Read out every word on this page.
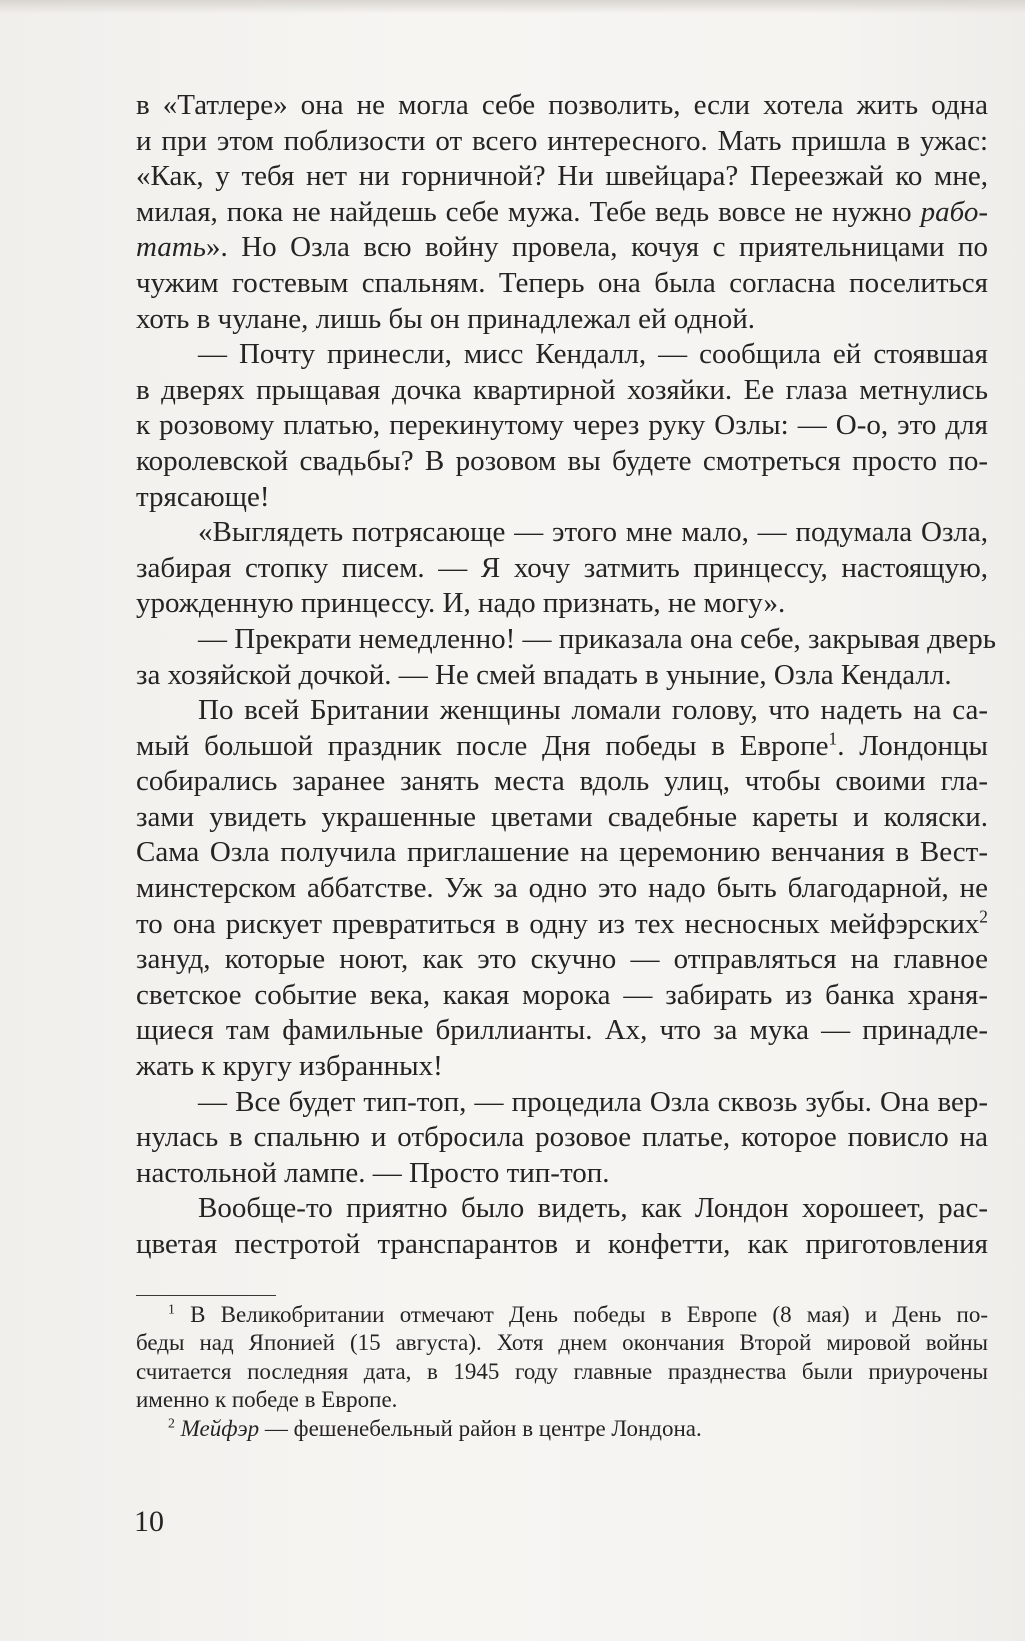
в «Татлере» она не могла себе позволить, если хотела жить одна
и при этом поблизости от всего интересного. Мать пришла в ужас:
«Как, у тебя нет ни горничной? Ни швейцара? Переезжай ко мне,
милая, пока не найдешь себе мужа. Тебе ведь вовсе не нужно рабо-
тать». Но Озла всю войну провела, кочуя с приятельницами по
чужим гостевым спальням. Теперь она была согласна поселиться
хоть в чулане, лишь бы он принадлежал ей одной.

— Почту принесли, мисс Кендалл, — сообщила ей стоявшая
в дверях прыщавая дочка квартирной хозяйки. Ее глаза метнулись
к розовому платью, перекинутому через руку Озлы: — О-о, это для
королевской свадьбы? В розовом вы будете смотреться просто по-
трясающе!

«Выглядеть потрясающе — этого мне мало, — подумала Озла,
забирая стопку писем. — Я хочу затмить принцессу, настоящую,
урожденную принцессу. И, надо признать, не могу».

— Прекрати немедленно! — приказала она себе, закрывая дверь
за хозяйской дочкой. — Не смей впадать в уныние, Озла Кендалл.

По всей Британии женщины ломали голову, что надеть на са-
мый большой праздник после Дня победы в Европе$^1$. Лондонцы
собирались заранее занять места вдоль улиц, чтобы своими гла-
зами увидеть украшенные цветами свадебные кареты и коляски.
Сама Озла получила приглашение на церемонию венчания в Вест-
минстерском аббатстве. Уж за одно это надо быть благодарной, не
то она рискует превратиться в одну из тех несносных мейфэрских$^2$
зануд, которые ноют, как это скучно — отправляться на главное
светское событие века, какая морока — забирать из банка храня-
щиеся там фамильные бриллианты. Ах, что за мука — принадле-
жать к кругу избранных!

— Все будет тип-топ, — процедила Озла сквозь зубы. Она вер-
нулась в спальню и отбросила розовое платье, которое повисло на
настольной лампе. — Просто тип-топ.

Вообще-то приятно было видеть, как Лондон хорошеет, рас-
цветая пестротой транспарантов и конфетти, как приготовления

$^1$ В Великобритании отмечают День победы в Европе (8 мая) и День по-
беды над Японией (15 августа). Хотя днем окончания Второй мировой войны
считается последняя дата, в 1945 году главные празднества были приурочены
именно к победе в Европе.

$^2$ Мейфэр — фешенебельный район в центре Лондона.

10
